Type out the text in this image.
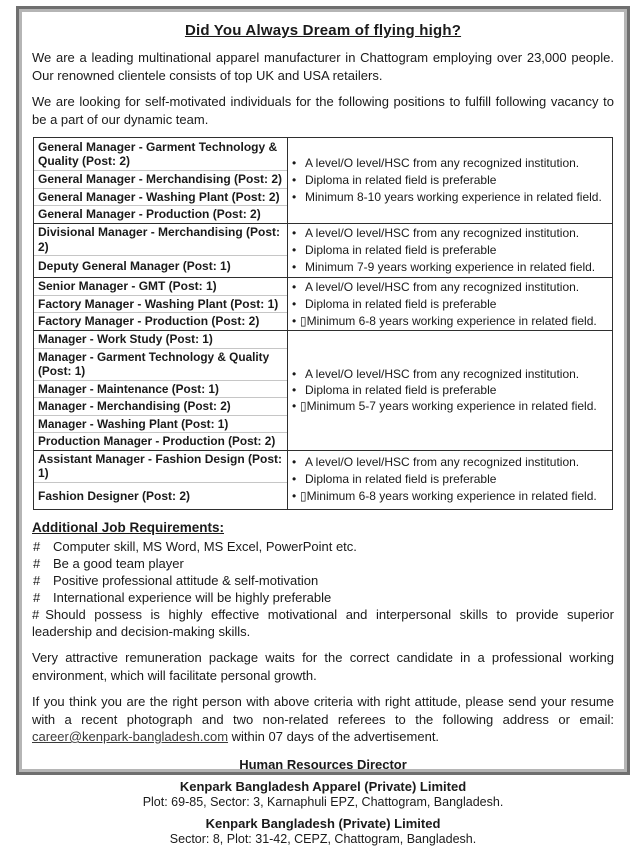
Did You Always Dream of flying high?

We are a leading multinational apparel manufacturer in Chattogram employing over 23,000 people. Our renowned clientele consists of top UK and USA retailers.

We are looking for self-motivated individuals for the following positions to fulfill following vacancy to be a part of our dynamic team.

General Manager - Garment Technology & Quality (Post: 2)
General Manager - Merchandising (Post: 2)
General Manager - Washing Plant (Post: 2)
General Manager - Production (Post: 2)

• A level/O level/HSC from any recognized institution.
• Diploma in related field is preferable
• Minimum 8-10 years working experience in related field.

Divisional Manager - Merchandising (Post: 2)
Deputy General Manager (Post: 1)

• A level/O level/HSC from any recognized institution.
• Diploma in related field is preferable
• Minimum 7-9 years working experience in related field.

Senior Manager - GMT (Post: 1)
Factory Manager - Washing Plant (Post: 1)
Factory Manager - Production (Post: 2)

• A level/O level/HSC from any recognized institution.
• Diploma in related field is preferable
• ▯Minimum 6-8 years working experience in related field.

Manager - Work Study (Post: 1)
Manager - Garment Technology & Quality (Post: 1)
Manager - Maintenance (Post: 1)
Manager - Merchandising (Post: 2)
Manager - Washing Plant (Post: 1)
Production Manager - Production (Post: 2)

• A level/O level/HSC from any recognized institution.
• Diploma in related field is preferable
• ▯Minimum 5-7 years working experience in related field.

Assistant Manager - Fashion Design (Post: 1)
Fashion Designer (Post: 2)

• A level/O level/HSC from any recognized institution.
• Diploma in related field is preferable
• ▯Minimum 6-8 years working experience in related field.
Additional Job Requirements:
# Computer skill, MS Word, MS Excel, PowerPoint etc.
# Be a good team player
# Positive professional attitude & self-motivation
# International experience will be highly preferable

# Should possess is highly effective motivational and interpersonal skills to provide superior leadership and decision-making skills.

Very attractive remuneration package waits for the correct candidate in a professional working environment, which will facilitate personal growth.

If you think you are the right person with above criteria with right attitude, please send your resume with a recent photograph and two non-related referees to the following address or email: career@kenpark-bangladesh.com within 07 days of the advertisement.

Human Resources Director
Kenpark Bangladesh Apparel (Private) Limited
Plot: 69-85, Sector: 3, Karnaphuli EPZ, Chattogram, Bangladesh.
Kenpark Bangladesh (Private) Limited
Sector: 8, Plot: 31-42, CEPZ, Chattogram, Bangladesh.
